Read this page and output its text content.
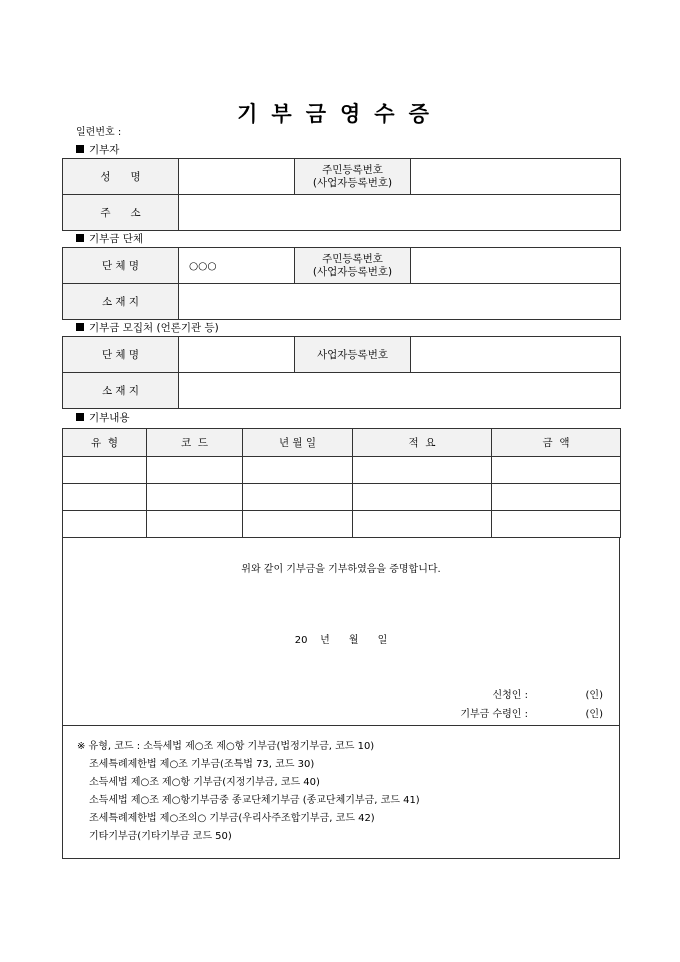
기부금영수증
일련번호 :
기부자
성      명		주민등록번호
(사업자등록번호)	

주      소			
기부금 단체
단 체 명	○○○	주민등록번호
(사업자등록번호)	

소 재 지			
기부금 모집처 (언론기관 등)
단 체 명		사업자등록번호	
소 재 지			
기부내용
유  형	코  드	년 월 일	적  요	금  액

위와 같이 기부금을 기부하였음을 증명합니다.
20    년      월      일
신청인 :	(인)
기부금 수령인 :	(인)
※ 유형, 코드 : 소득세법 제○조 제○항 기부금(법정기부금, 코드 10)
조세특례제한법 제○조 기부금(조특법 73, 코드 30)
소득세법 제○조 제○항 기부금(지정기부금, 코드 40)
소득세법 제○조 제○항기부금중 종교단체기부금 (종교단체기부금, 코드 41)
조세특례제한법 제○조의○ 기부금(우리사주조합기부금, 코드 42)
기타기부금(기타기부금 코드 50)
